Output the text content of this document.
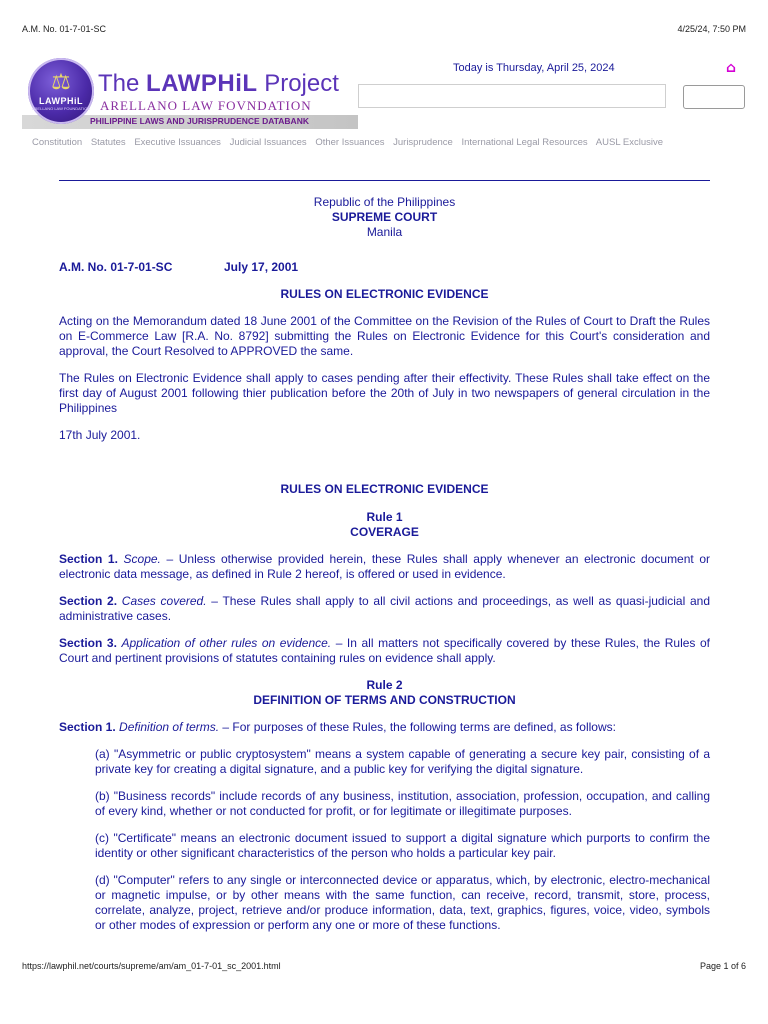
A.M. No. 01-7-01-SC	4/25/24, 7:50 PM
PHILIPPINE LAWS AND JURISPRUDENCE DATABANK
⚖
LAWPHiL
ARELLANO LAW FOUNDATION
The LAWPHiL Project
ARELLANO LAW FOVNDATION
Today is Thursday, April 25, 2024	⌂
Constitution Statutes Executive Issuances Judicial Issuances Other Issuances Jurisprudence International Legal Resources AUSL Exclusive
Republic of the Philippines
SUPREME COURT
Manila
A.M. No. 01-7-01-SC	July 17, 2001
RULES ON ELECTRONIC EVIDENCE

Acting on the Memorandum dated 18 June 2001 of the Committee on the Revision of the Rules of Court to Draft the Rules on E-Commerce Law [R.A. No. 8792] submitting the Rules on Electronic Evidence for this Court's consideration and approval, the Court Resolved to APPROVED the same.

The Rules on Electronic Evidence shall apply to cases pending after their effectivity. These Rules shall take effect on the first day of August 2001 following thier publication before the 20th of July in two newspapers of general circulation in the Philippines

17th July 2001.

RULES ON ELECTRONIC EVIDENCE
Rule 1
COVERAGE

Section 1. Scope. – Unless otherwise provided herein, these Rules shall apply whenever an electronic document or electronic data message, as defined in Rule 2 hereof, is offered or used in evidence.

Section 2. Cases covered. – These Rules shall apply to all civil actions and proceedings, as well as quasi-judicial and administrative cases.

Section 3. Application of other rules on evidence. – In all matters not specifically covered by these Rules, the Rules of Court and pertinent provisions of statutes containing rules on evidence shall apply.

Rule 2
DEFINITION OF TERMS AND CONSTRUCTION

Section 1. Definition of terms. – For purposes of these Rules, the following terms are defined, as follows:

(a) "Asymmetric or public cryptosystem" means a system capable of generating a secure key pair, consisting of a private key for creating a digital signature, and a public key for verifying the digital signature.

(b) "Business records" include records of any business, institution, association, profession, occupation, and calling of every kind, whether or not conducted for profit, or for legitimate or illegitimate purposes.

(c) "Certificate" means an electronic document issued to support a digital signature which purports to confirm the identity or other significant characteristics of the person who holds a particular key pair.

(d) "Computer" refers to any single or interconnected device or apparatus, which, by electronic, electro-mechanical or magnetic impulse, or by other means with the same function, can receive, record, transmit, store, process, correlate, analyze, project, retrieve and/or produce information, data, text, graphics, figures, voice, video, symbols or other modes of expression or perform any one or more of these functions.

https://lawphil.net/courts/supreme/am/am_01-7-01_sc_2001.html	Page 1 of 6
